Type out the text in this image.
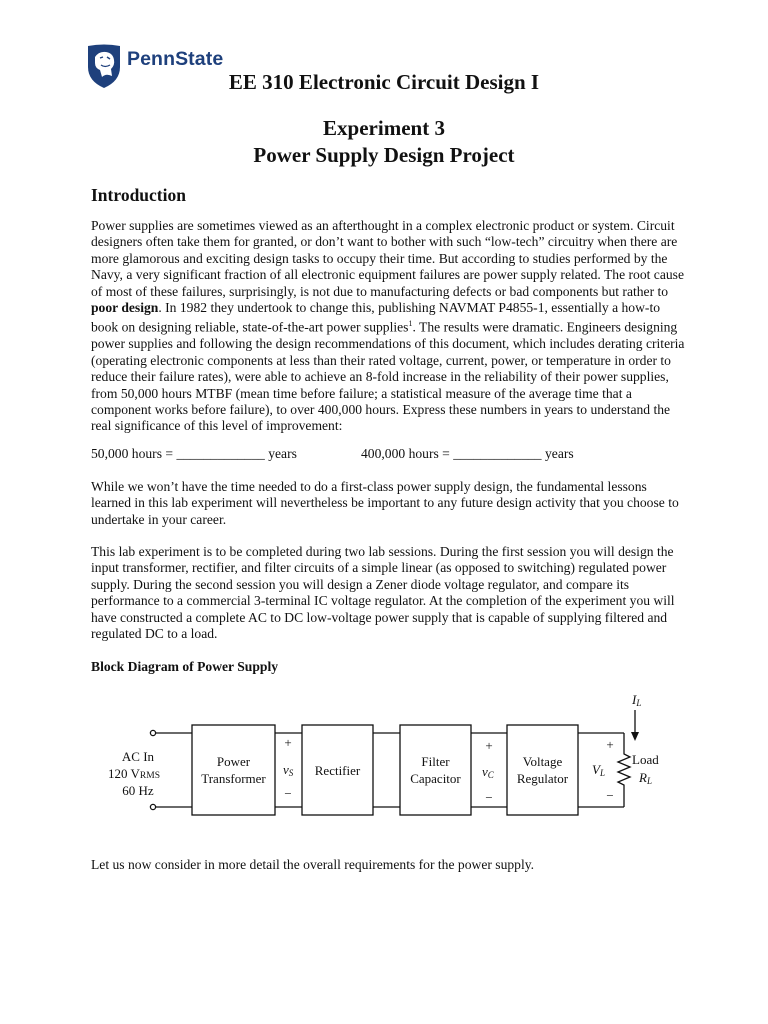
PennState
EE 310 Electronic Circuit Design I
Experiment 3
Power Supply Design Project
Introduction

Power supplies are sometimes viewed as an afterthought in a complex electronic product or system. Circuit designers often take them for granted, or don’t want to bother with such “low-tech” circuitry when there are more glamorous and exciting design tasks to occupy their time. But according to studies performed by the Navy, a very significant fraction of all electronic equipment failures are power supply related. The root cause of most of these failures, surprisingly, is not due to manufacturing defects or bad components but rather to poor design. In 1982 they undertook to change this, publishing NAVMAT P4855-1, essentially a how-to book on designing reliable, state-of-the-art power supplies$^1$. The results were dramatic. Engineers designing power supplies and following the design recommendations of this document, which includes derating criteria (operating electronic components at less than their rated voltage, current, power, or temperature in order to reduce their failure rates), were able to achieve an 8-fold increase in the reliability of their power supplies, from 50,000 hours MTBF (mean time before failure; a statistical measure of the average time that a component works before failure), to over 400,000 hours. Express these numbers in years to understand the real significance of this level of improvement:

50,000 hours = _____________ years	400,000 hours = _____________ years

While we won’t have the time needed to do a first-class power supply design, the fundamental lessons learned in this lab experiment will nevertheless be important to any future design activity that you choose to undertake in your career.

This lab experiment is to be completed during two lab sessions. During the first session you will design the input transformer, rectifier, and filter circuits of a simple linear (as opposed to switching) regulated power supply. During the second session you will design a Zener diode voltage regulator, and compare its performance to a commercial 3-terminal IC voltage regulator. At the completion of the experiment you will have constructed a complete AC to DC low-voltage power supply that is capable of supplying filtered and regulated DC to a load.

Block Diagram of Power Supply
AC In
120 VRMS
60 Hz
Power
Transformer
Rectifier
Filter
Capacitor
Voltage
Regulator
+
−
+
−
+
−
vS	vC	VL
IL
Load
RL
Let us now consider in more detail the overall requirements for the power supply.
